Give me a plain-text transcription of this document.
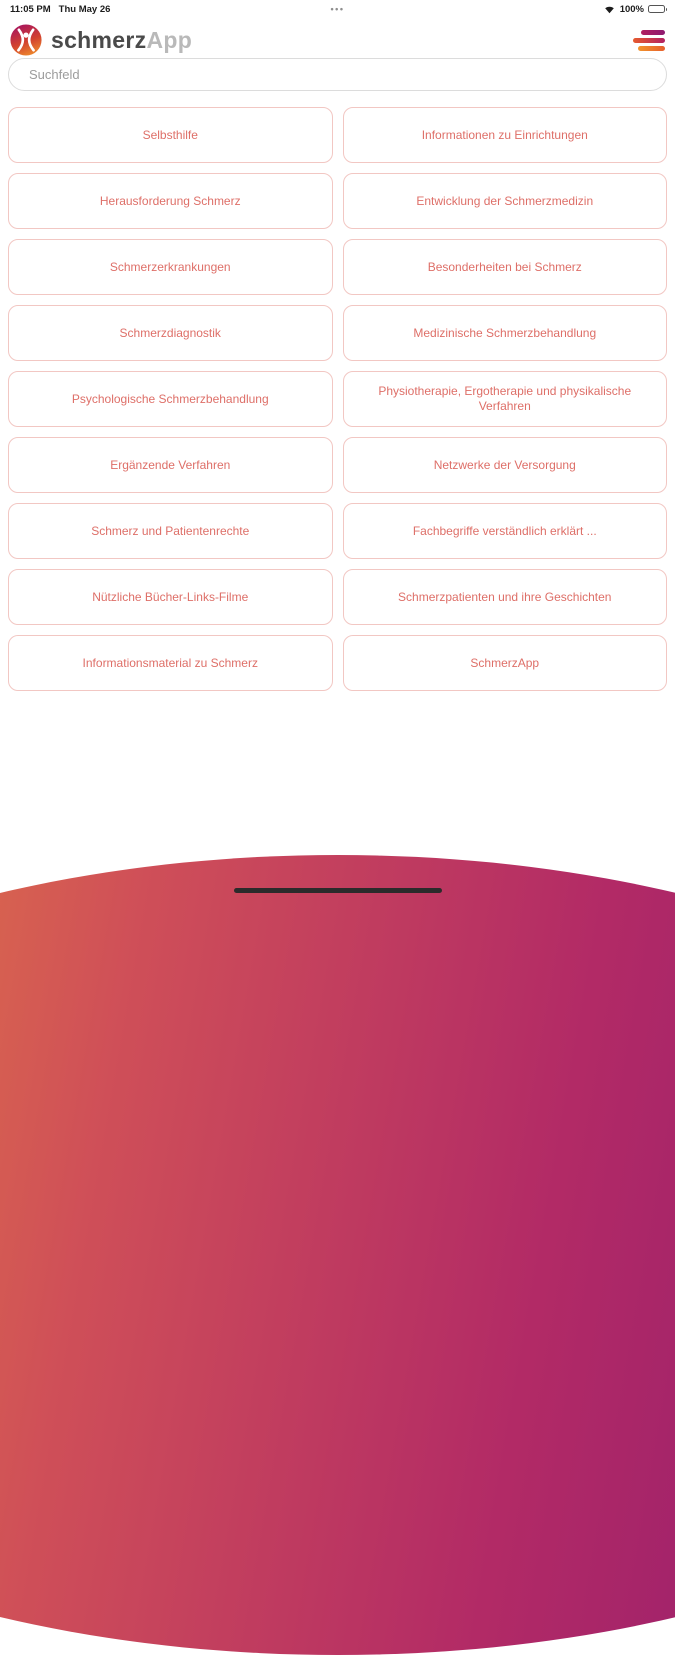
11:05 PM Thu May 26	•••	100%
schmerzApp
Suchfeld
Selbsthilfe	Informationen zu Einrichtungen
Herausforderung Schmerz	Entwicklung der Schmerzmedizin
Schmerzerkrankungen	Besonderheiten bei Schmerz
Schmerzdiagnostik	Medizinische Schmerzbehandlung
Psychologische Schmerzbehandlung
Physiotherapie, Ergotherapie und physikalische Verfahren
Ergänzende Verfahren	Netzwerke der Versorgung
Schmerz und Patientenrechte	Fachbegriffe verständlich erklärt ...
Nützliche Bücher-Links-Filme	Schmerzpatienten und ihre Geschichten
Informationsmaterial zu Schmerz	SchmerzApp
